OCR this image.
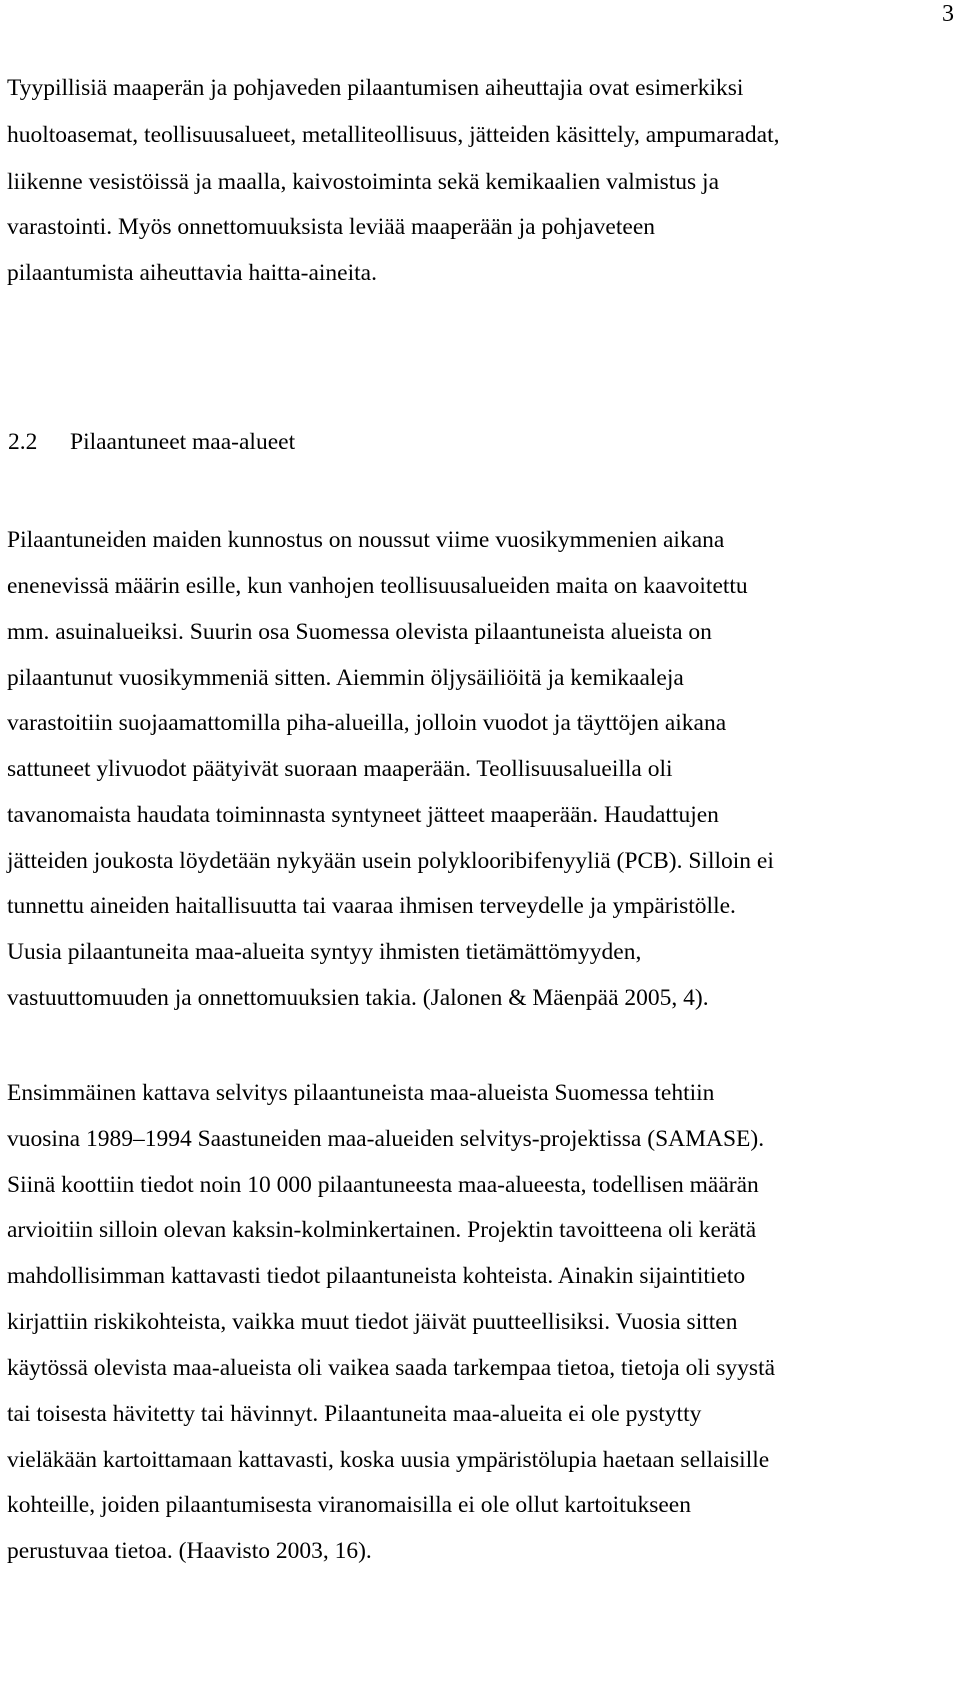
3
Tyypillisiä maaperän ja pohjaveden pilaantumisen aiheuttajia ovat esimerkiksi
huoltoasemat, teollisuusalueet, metalliteollisuus, jätteiden käsittely, ampumaradat,
liikenne vesistöissä ja maalla, kaivostoiminta sekä kemikaalien valmistus ja
varastointi. Myös onnettomuuksista leviää maaperään ja pohjaveteen
pilaantumista aiheuttavia haitta-aineita.
2.2 Pilaantuneet maa-alueet
Pilaantuneiden maiden kunnostus on noussut viime vuosikymmenien aikana
enenevissä määrin esille, kun vanhojen teollisuusalueiden maita on kaavoitettu
mm. asuinalueiksi. Suurin osa Suomessa olevista pilaantuneista alueista on
pilaantunut vuosikymmeniä sitten. Aiemmin öljysäiliöitä ja kemikaaleja
varastoitiin suojaamattomilla piha-alueilla, jolloin vuodot ja täyttöjen aikana
sattuneet ylivuodot päätyivät suoraan maaperään. Teollisuusalueilla oli
tavanomaista haudata toiminnasta syntyneet jätteet maaperään. Haudattujen
jätteiden joukosta löydetään nykyään usein polyklooribifenyyliä (PCB). Silloin ei
tunnettu aineiden haitallisuutta tai vaaraa ihmisen terveydelle ja ympäristölle.
Uusia pilaantuneita maa-alueita syntyy ihmisten tietämättömyyden,
vastuuttomuuden ja onnettomuuksien takia. (Jalonen & Mäenpää 2005, 4).
Ensimmäinen kattava selvitys pilaantuneista maa-alueista Suomessa tehtiin
vuosina 1989–1994 Saastuneiden maa-alueiden selvitys-projektissa (SAMASE).
Siinä koottiin tiedot noin 10 000 pilaantuneesta maa-alueesta, todellisen määrän
arvioitiin silloin olevan kaksin-kolminkertainen. Projektin tavoitteena oli kerätä
mahdollisimman kattavasti tiedot pilaantuneista kohteista. Ainakin sijaintitieto
kirjattiin riskikohteista, vaikka muut tiedot jäivät puutteellisiksi. Vuosia sitten
käytössä olevista maa-alueista oli vaikea saada tarkempaa tietoa, tietoja oli syystä
tai toisesta hävitetty tai hävinnyt. Pilaantuneita maa-alueita ei ole pystytty
vieläkään kartoittamaan kattavasti, koska uusia ympäristölupia haetaan sellaisille
kohteille, joiden pilaantumisesta viranomaisilla ei ole ollut kartoitukseen
perustuvaa tietoa. (Haavisto 2003, 16).
